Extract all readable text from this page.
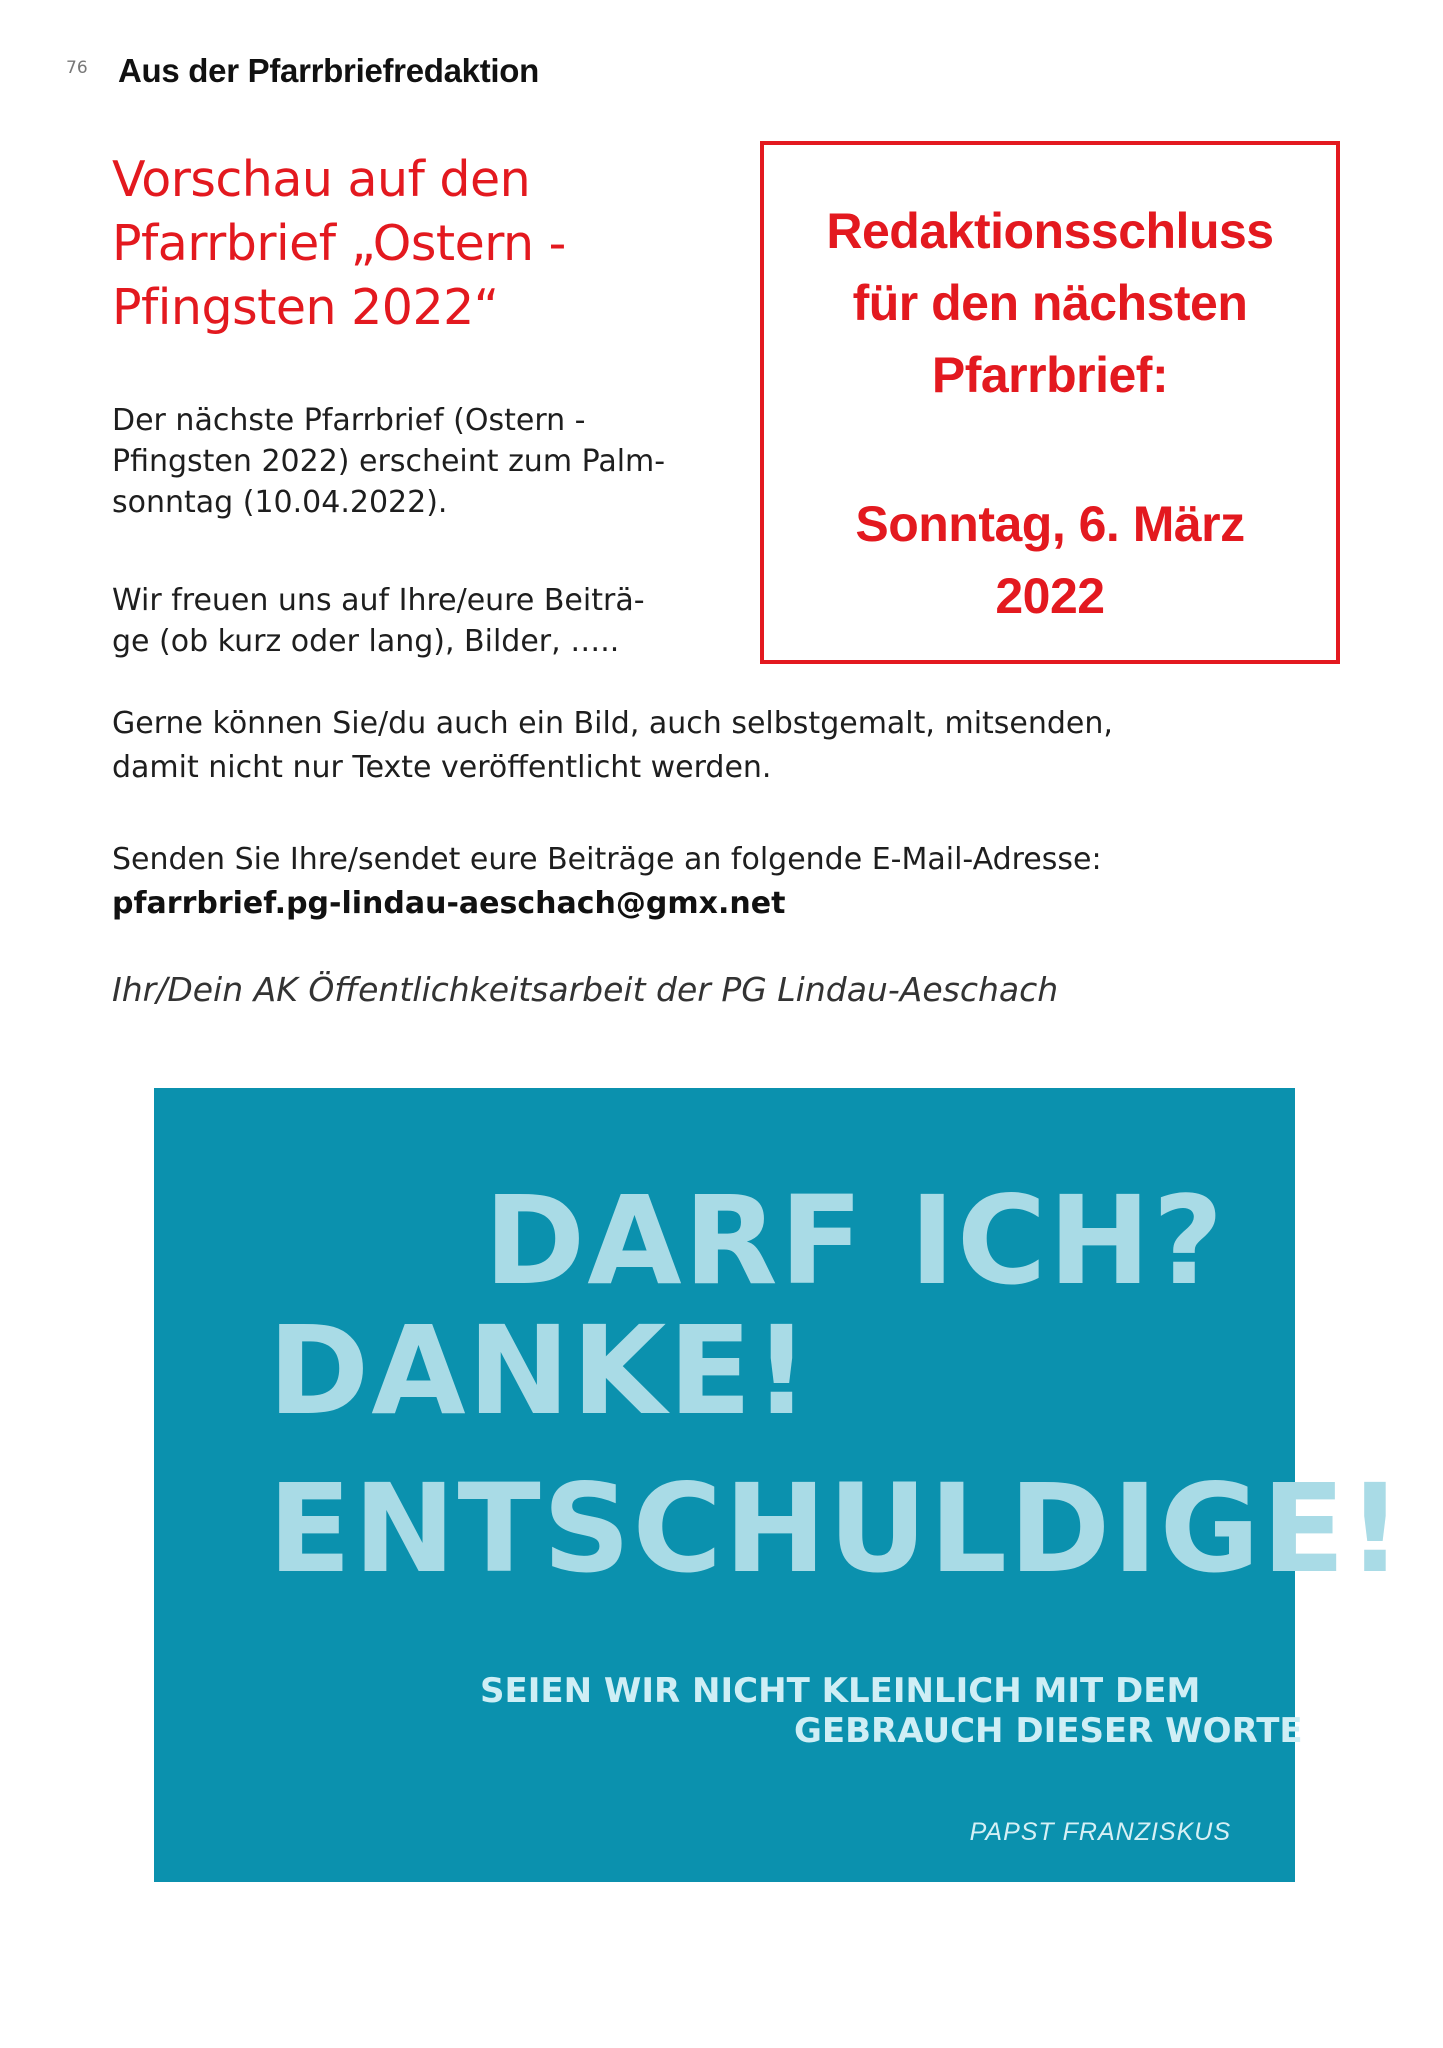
76 Aus der Pfarrbriefredaktion
Vorschau auf den
Pfarrbrief „Ostern -
Pfingsten 2022“
Der nächste Pfarrbrief (Ostern -
Pfingsten 2022) erscheint zum Palm-
sonntag (10.04.2022).
Wir freuen uns auf Ihre/eure Beiträ-
ge (ob kurz oder lang), Bilder, …..
Redaktionsschluss
für den nächsten
Pfarrbrief:
Sonntag, 6. März
2022
Gerne können Sie/du auch ein Bild, auch selbstgemalt, mitsenden,
damit nicht nur Texte veröffentlicht werden.
Senden Sie Ihre/sendet eure Beiträge an folgende E-Mail-Adresse:
pfarrbrief.pg-lindau-aeschach@gmx.net
Ihr/Dein AK Öffentlichkeitsarbeit der PG Lindau-Aeschach
DARF ICH?
DANKE!
ENTSCHULDIGE!
SEIEN WIR NICHT KLEINLICH MIT DEM
GEBRAUCH DIESER WORTE
PAPST FRANZISKUS
